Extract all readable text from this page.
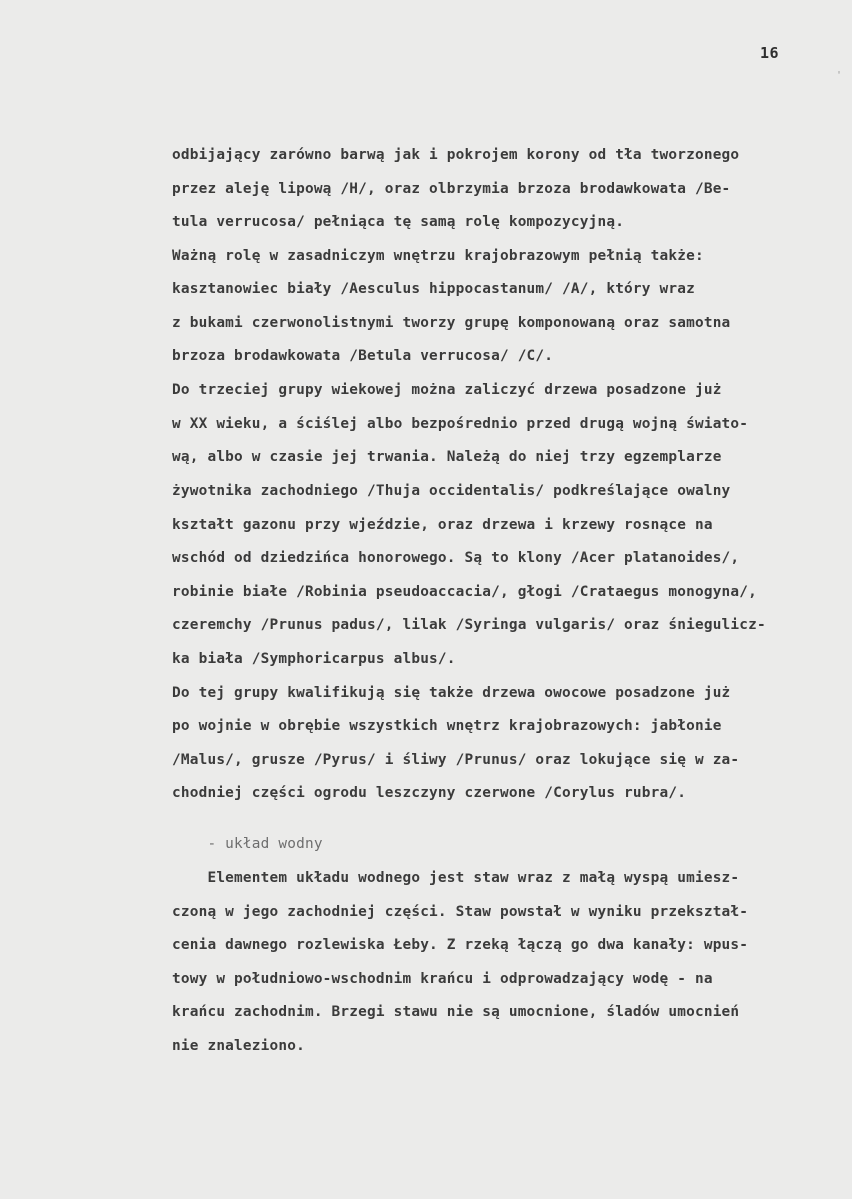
16
'
odbijający zarówno barwą jak i pokrojem korony od tła tworzonego
przez aleję lipową /H/, oraz olbrzymia brzoza brodawkowata /Be-
tula verrucosa/ pełniąca tę samą rolę kompozycyjną.
Ważną rolę w zasadniczym wnętrzu krajobrazowym pełnią także:
kasztanowiec biały /Aesculus hippocastanum/ /A/, który wraz
z bukami czerwonolistnymi tworzy grupę komponowaną oraz samotna
brzoza brodawkowata /Betula verrucosa/ /C/.
Do trzeciej grupy wiekowej można zaliczyć drzewa posadzone już
w XX wieku, a ściślej albo bezpośrednio przed drugą wojną świato-
wą, albo w czasie jej trwania. Należą do niej trzy egzemplarze
żywotnika zachodniego /Thuja occidentalis/ podkreślające owalny
kształt gazonu przy wjeździe, oraz drzewa i krzewy rosnące na
wschód od dziedzińca honorowego. Są to klony /Acer platanoides/,
robinie białe /Robinia pseudoaccacia/, głogi /Crataegus monogyna/,
czeremchy /Prunus padus/, lilak /Syringa vulgaris/ oraz śniegulicz-
ka biała /Symphoricarpus albus/.
Do tej grupy kwalifikują się także drzewa owocowe posadzone już
po wojnie w obrębie wszystkich wnętrz krajobrazowych: jabłonie
/Malus/, grusze /Pyrus/ i śliwy /Prunus/ oraz lokujące się w za-
chodniej części ogrodu leszczyny czerwone /Corylus rubra/.
- układ wodny
Elementem układu wodnego jest staw wraz z małą wyspą umiesz-
czoną w jego zachodniej części. Staw powstał w wyniku przekształ-
cenia dawnego rozlewiska Łeby. Z rzeką łączą go dwa kanały: wpus-
towy w południowo-wschodnim krańcu i odprowadzający wodę - na
krańcu zachodnim. Brzegi stawu nie są umocnione, śladów umocnień
nie znaleziono.
